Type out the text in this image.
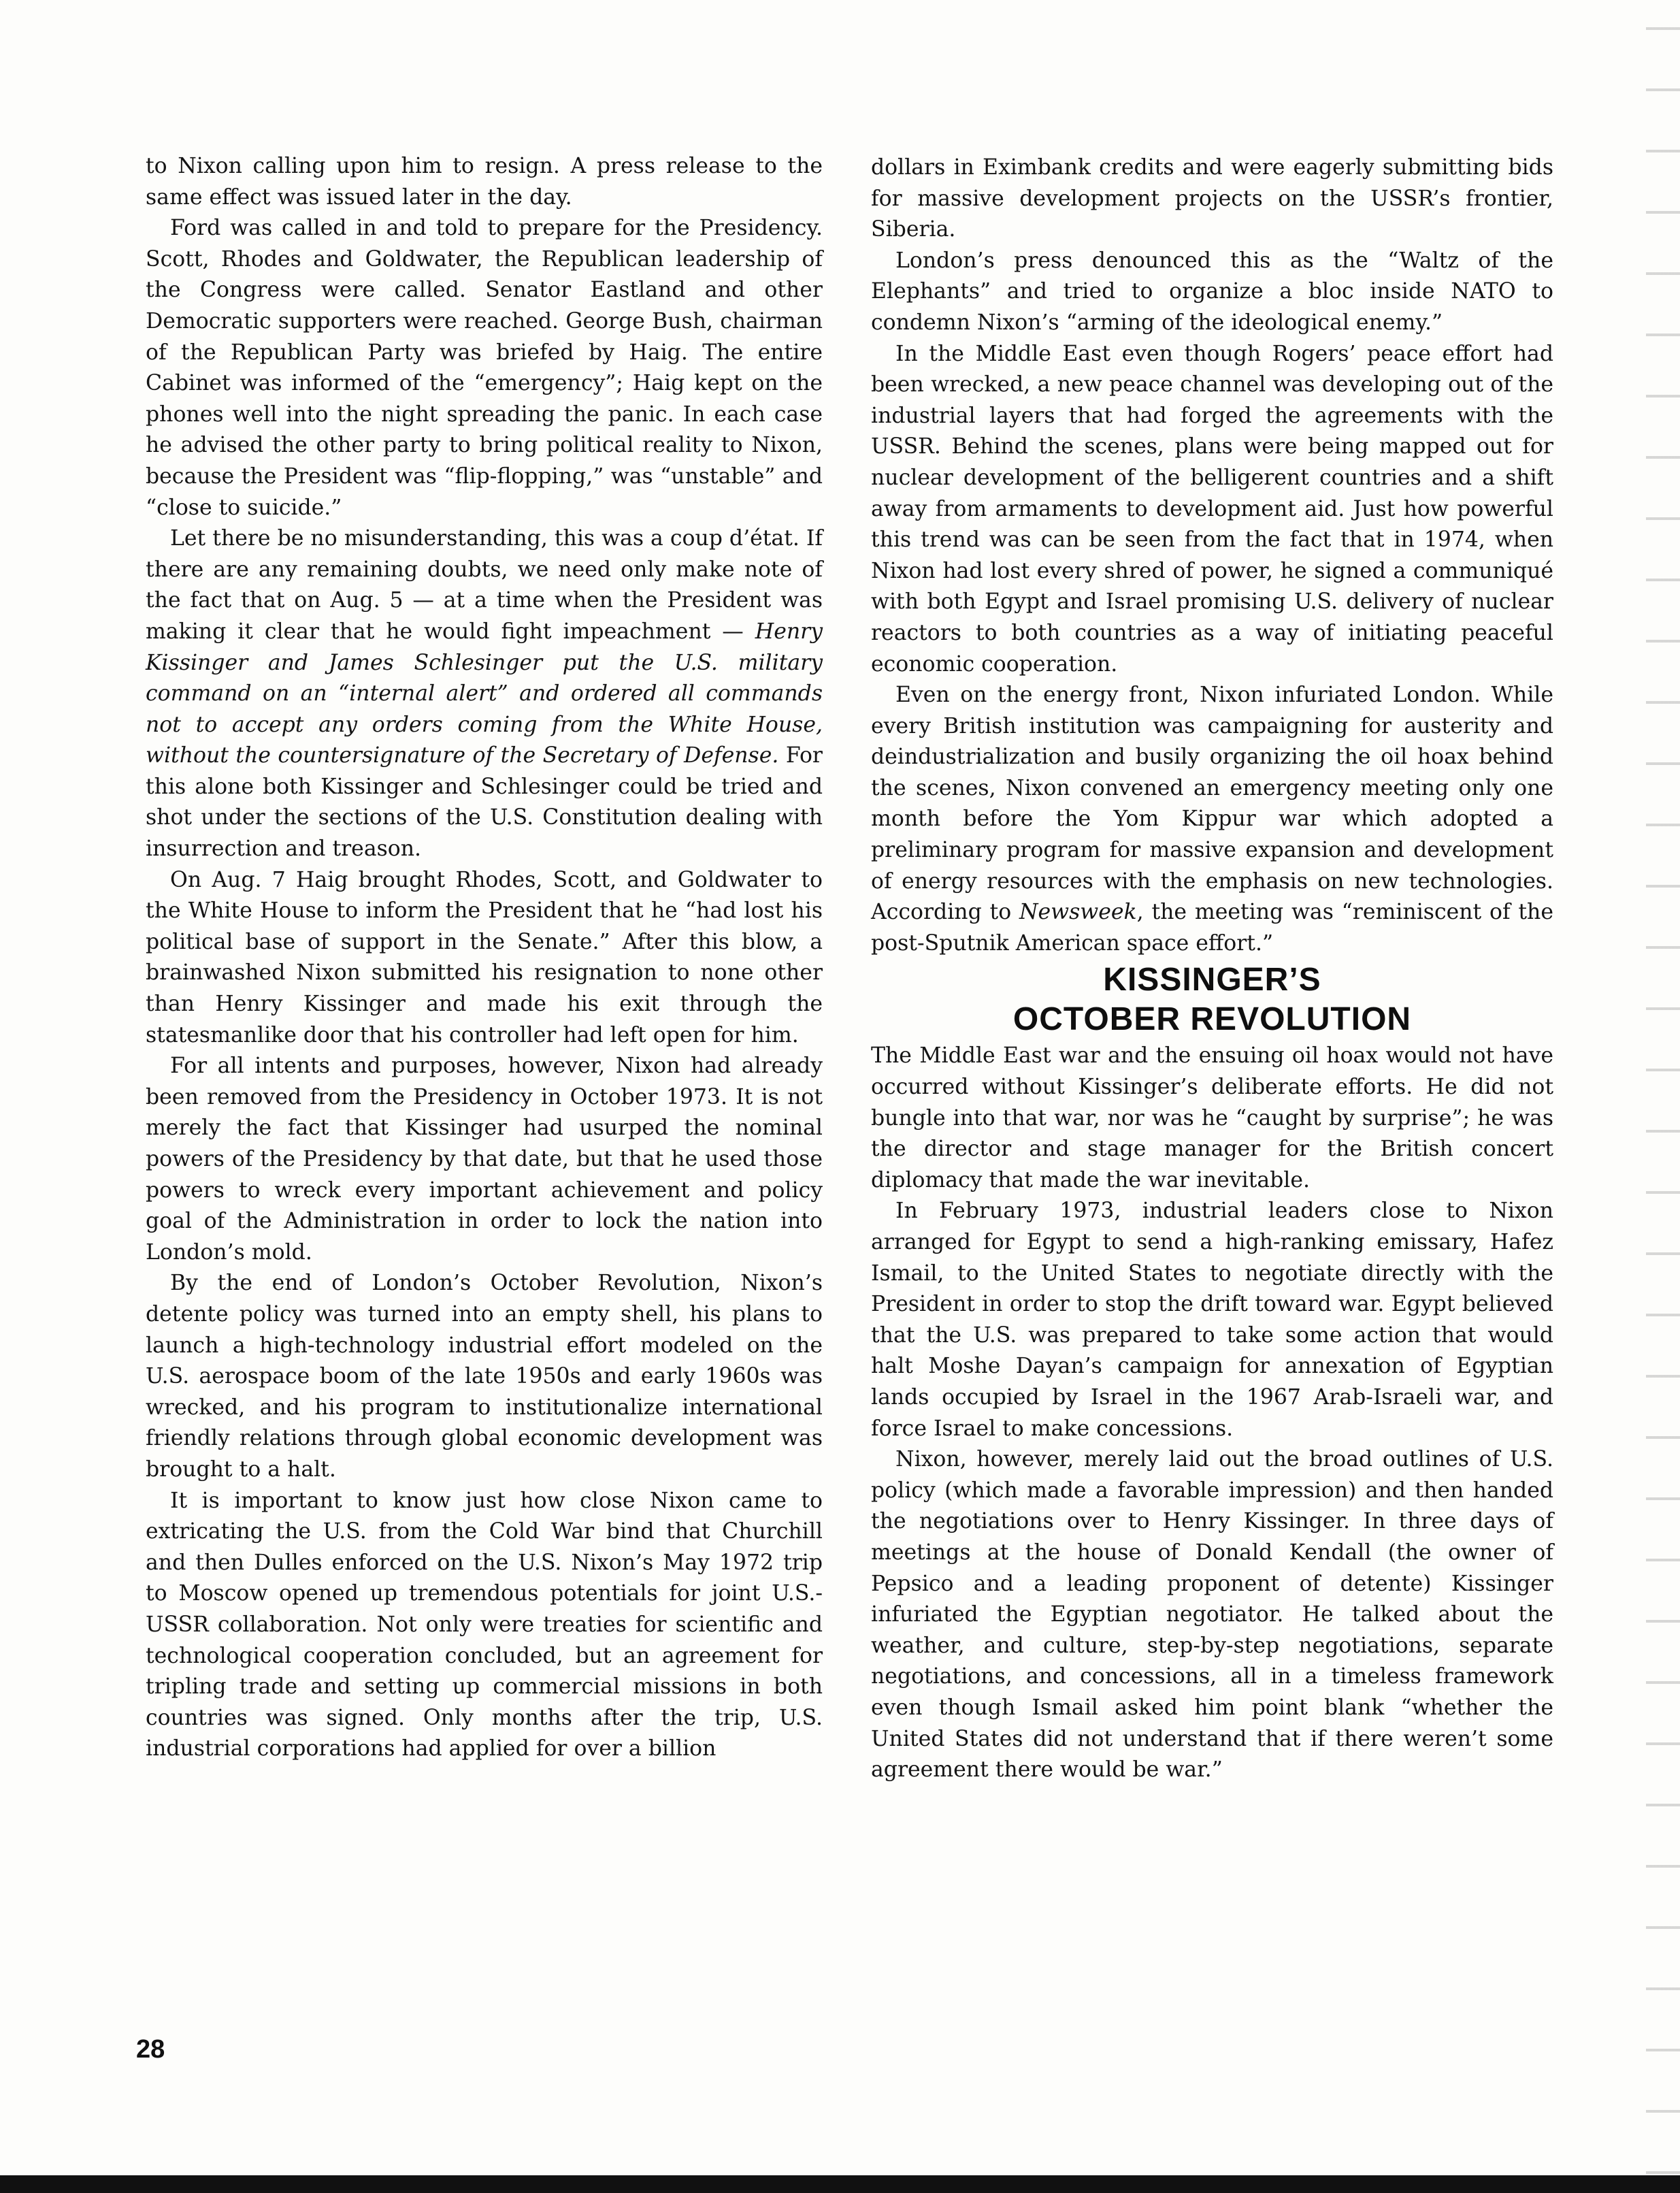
to Nixon calling upon him to resign. A press release to the same effect was issued later in the day.

Ford was called in and told to prepare for the Presidency. Scott, Rhodes and Goldwater, the Republican leadership of the Congress were called. Senator Eastland and other Democratic supporters were reached. George Bush, chairman of the Republican Party was briefed by Haig. The entire Cabinet was informed of the “emergency”; Haig kept on the phones well into the night spreading the panic. In each case he advised the other party to bring political reality to Nixon, because the President was “flip-flopping,” was “unstable” and “close to suicide.”

Let there be no misunderstanding, this was a coup d’état. If there are any remaining doubts, we need only make note of the fact that on Aug. 5 — at a time when the President was making it clear that he would fight impeachment — Henry Kissinger and James Schlesinger put the U.S. military command on an “internal alert” and ordered all commands not to accept any orders coming from the White House, without the countersignature of the Secretary of Defense. For this alone both Kissinger and Schlesinger could be tried and shot under the sections of the U.S. Constitution dealing with insurrection and treason.

On Aug. 7 Haig brought Rhodes, Scott, and Goldwater to the White House to inform the President that he “had lost his political base of support in the Senate.” After this blow, a brainwashed Nixon submitted his resignation to none other than Henry Kissinger and made his exit through the statesmanlike door that his controller had left open for him.

For all intents and purposes, however, Nixon had already been removed from the Presidency in October 1973. It is not merely the fact that Kissinger had usurped the nominal powers of the Presidency by that date, but that he used those powers to wreck every important achievement and policy goal of the Administration in order to lock the nation into London’s mold.

By the end of London’s October Revolution, Nixon’s detente policy was turned into an empty shell, his plans to launch a high-technology industrial effort modeled on the U.S. aerospace boom of the late 1950s and early 1960s was wrecked, and his program to institutionalize international friendly relations through global economic development was brought to a halt.

It is important to know just how close Nixon came to extricating the U.S. from the Cold War bind that Churchill and then Dulles enforced on the U.S. Nixon’s May 1972 trip to Moscow opened up tremendous potentials for joint U.S.-USSR collaboration. Not only were treaties for scientific and technological cooperation concluded, but an agreement for tripling trade and setting up commercial missions in both countries was signed. Only months after the trip, U.S. industrial corporations had applied for over a billion

dollars in Eximbank credits and were eagerly submitting bids for massive development projects on the USSR’s frontier, Siberia.

London’s press denounced this as the “Waltz of the Elephants” and tried to organize a bloc inside NATO to condemn Nixon’s “arming of the ideological enemy.”

In the Middle East even though Rogers’ peace effort had been wrecked, a new peace channel was developing out of the industrial layers that had forged the agreements with the USSR. Behind the scenes, plans were being mapped out for nuclear development of the belligerent countries and a shift away from armaments to development aid. Just how powerful this trend was can be seen from the fact that in 1974, when Nixon had lost every shred of power, he signed a communiqué with both Egypt and Israel promising U.S. delivery of nuclear reactors to both countries as a way of initiating peaceful economic cooperation.

Even on the energy front, Nixon infuriated London. While every British institution was campaigning for austerity and deindustrialization and busily organizing the oil hoax behind the scenes, Nixon convened an emergency meeting only one month before the Yom Kippur war which adopted a preliminary program for massive expansion and development of energy resources with the emphasis on new technologies. According to Newsweek, the meeting was “reminiscent of the post-Sputnik American space effort.”

KISSINGER’S
OCTOBER REVOLUTION

The Middle East war and the ensuing oil hoax would not have occurred without Kissinger’s deliberate efforts. He did not bungle into that war, nor was he “caught by surprise”; he was the director and stage manager for the British concert diplomacy that made the war inevitable.

In February 1973, industrial leaders close to Nixon arranged for Egypt to send a high-ranking emissary, Hafez Ismail, to the United States to negotiate directly with the President in order to stop the drift toward war. Egypt believed that the U.S. was prepared to take some action that would halt Moshe Dayan’s campaign for annexation of Egyptian lands occupied by Israel in the 1967 Arab-Israeli war, and force Israel to make concessions.

Nixon, however, merely laid out the broad outlines of U.S. policy (which made a favorable impression) and then handed the negotiations over to Henry Kissinger. In three days of meetings at the house of Donald Kendall (the owner of Pepsico and a leading proponent of detente) Kissinger infuriated the Egyptian negotiator. He talked about the weather, and culture, step-by-step negotiations, separate negotiations, and concessions, all in a timeless framework even though Ismail asked him point blank “whether the United States did not understand that if there weren’t some agreement there would be war.”

28
